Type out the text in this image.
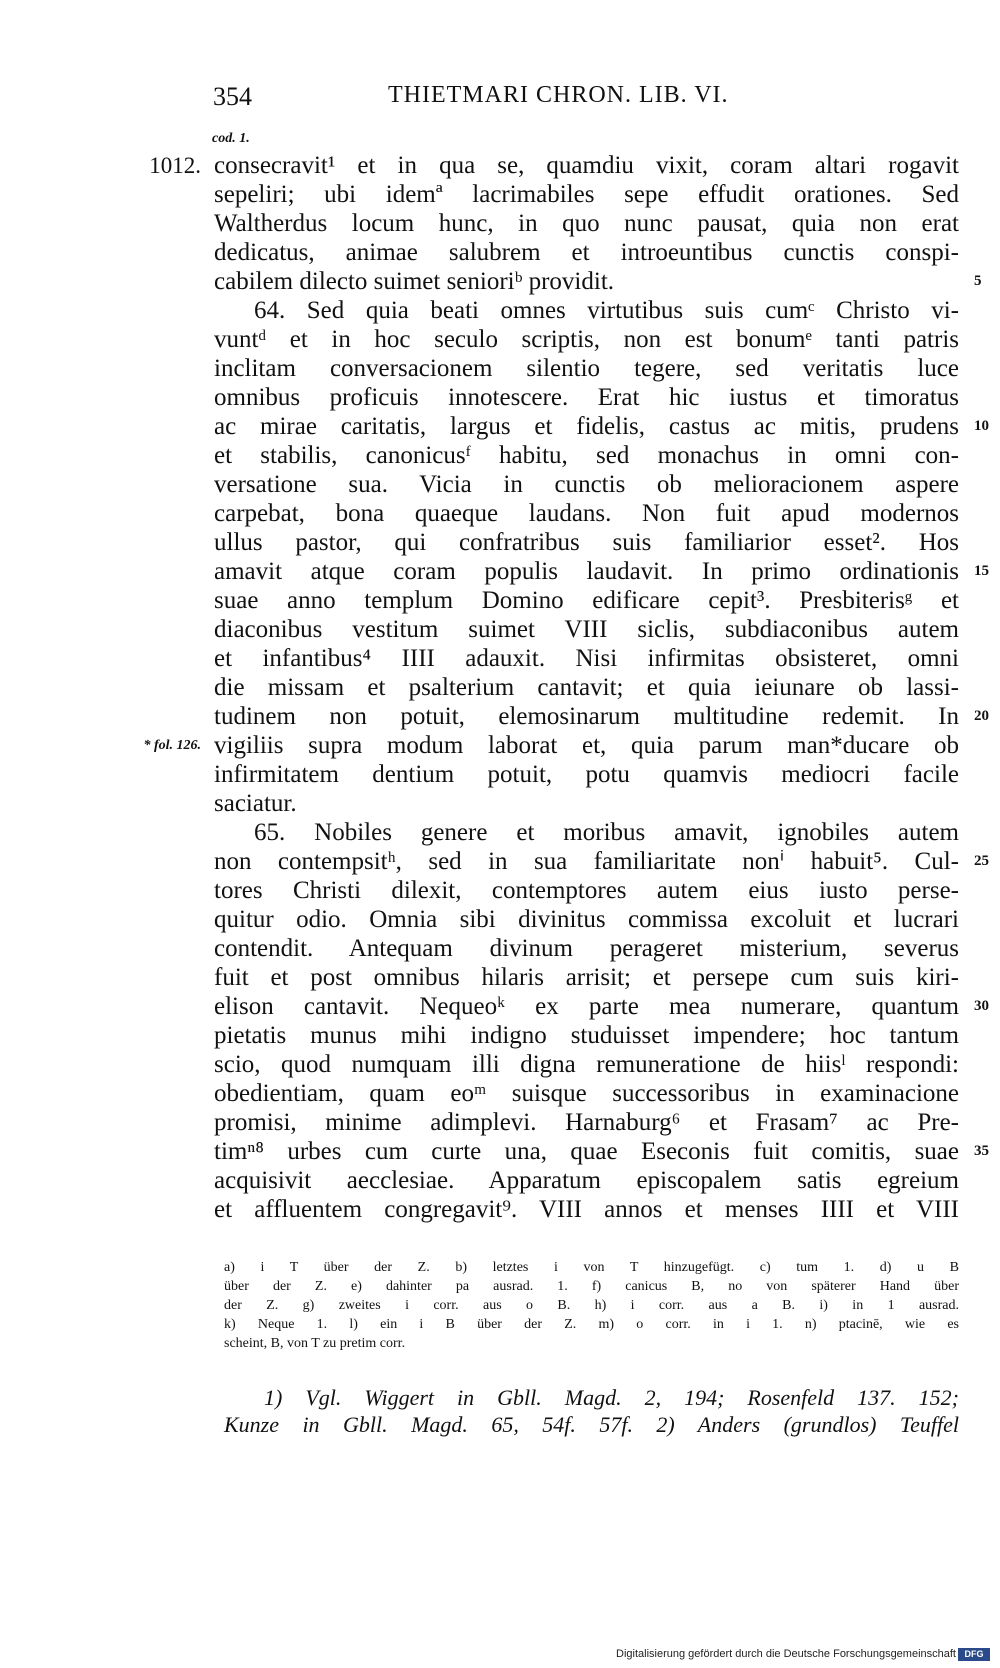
354	THIETMARI CHRON. LIB. VI.
cod. 1.
1012. consecravit¹ et in qua se, quamdiu vixit, coram altari rogavit
sepeliri; ubi idemª lacrimabiles sepe effudit orationes. Sed
Waltherdus locum hunc, in quo nunc pausat, quia non erat
dedicatus, animae salubrem et introeuntibus cunctis conspi-
cabilem dilecto suimet senioriᵇ providit.	5
64. Sed quia beati omnes virtutibus suis cumᶜ Christo vi-
vuntᵈ et in hoc seculo scriptis, non est bonumᵉ tanti patris
inclitam conversacionem silentio tegere, sed veritatis luce
omnibus proficuis innotescere. Erat hic iustus et timoratus
ac mirae caritatis, largus et fidelis, castus ac mitis, prudens 10
et stabilis, canonicusᶠ habitu, sed monachus in omni con-
versatione sua. Vicia in cunctis ob melioracionem aspere
carpebat, bona quaeque laudans. Non fuit apud modernos
ullus pastor, qui confratribus suis familiarior esset². Hos
amavit atque coram populis laudavit. In primo ordinationis 15
suae anno templum Domino edificare cepit³. Presbiterisᵍ et
diaconibus vestitum suimet VIII siclis, subdiaconibus autem
et infantibus⁴ IIII adauxit. Nisi infirmitas obsisteret, omni
die missam et psalterium cantavit; et quia ieiunare ob lassi-
tudinem non potuit, elemosinarum multitudine redemit. In 20
* fol. 126. vigiliis supra modum laborat et, quia parum man*ducare ob
infirmitatem dentium potuit, potu quamvis mediocri facile
saciatur.
65. Nobiles genere et moribus amavit, ignobiles autem
non contempsitʰ, sed in sua familiaritate nonⁱ habuit⁵. Cul- 25
tores Christi dilexit, contemptores autem eius iusto perse-
quitur odio. Omnia sibi divinitus commissa excoluit et lucrari
contendit. Antequam divinum perageret misterium, severus
fuit et post omnibus hilaris arrisit; et persepe cum suis kiri-
elison cantavit. Nequeoᵏ ex parte mea numerare, quantum 30
pietatis munus mihi indigno studuisset impendere; hoc tantum
scio, quod numquam illi digna remuneratione de hiisˡ respondi:
obedientiam, quam eoᵐ suisque successoribus in examinacione
promisi, minime adimplevi. Harnaburg⁶ et Frasam⁷ ac Pre-
timⁿ⁸ urbes cum curte una, quae Eseconis fuit comitis, suae 35
acquisivit aecclesiae. Apparatum episcopalem satis egreium
et affluentem congregavit⁹. VIII annos et menses IIII et VIII
a) i T über der Z. b) letztes i von T hinzugefügt. c) tum 1. d) u B
über der Z. e) dahinter pa ausrad. 1. f) canicus B, no von späterer Hand über
der Z. g) zweites i corr. aus o B. h) i corr. aus a B. i) in 1 ausrad.
k) Neque 1. l) ein i B über der Z. m) o corr. in i 1. n) ptacinē, wie es
scheint, B, von T zu pretim corr.
1) Vgl. Wiggert in Gbll. Magd. 2, 194; Rosenfeld 137. 152;
Kunze in Gbll. Magd. 65, 54f. 57f. 2) Anders (grundlos) Teuffel
Digitalisierung gefördert durch die Deutsche Forschungsgemeinschaft DFG
